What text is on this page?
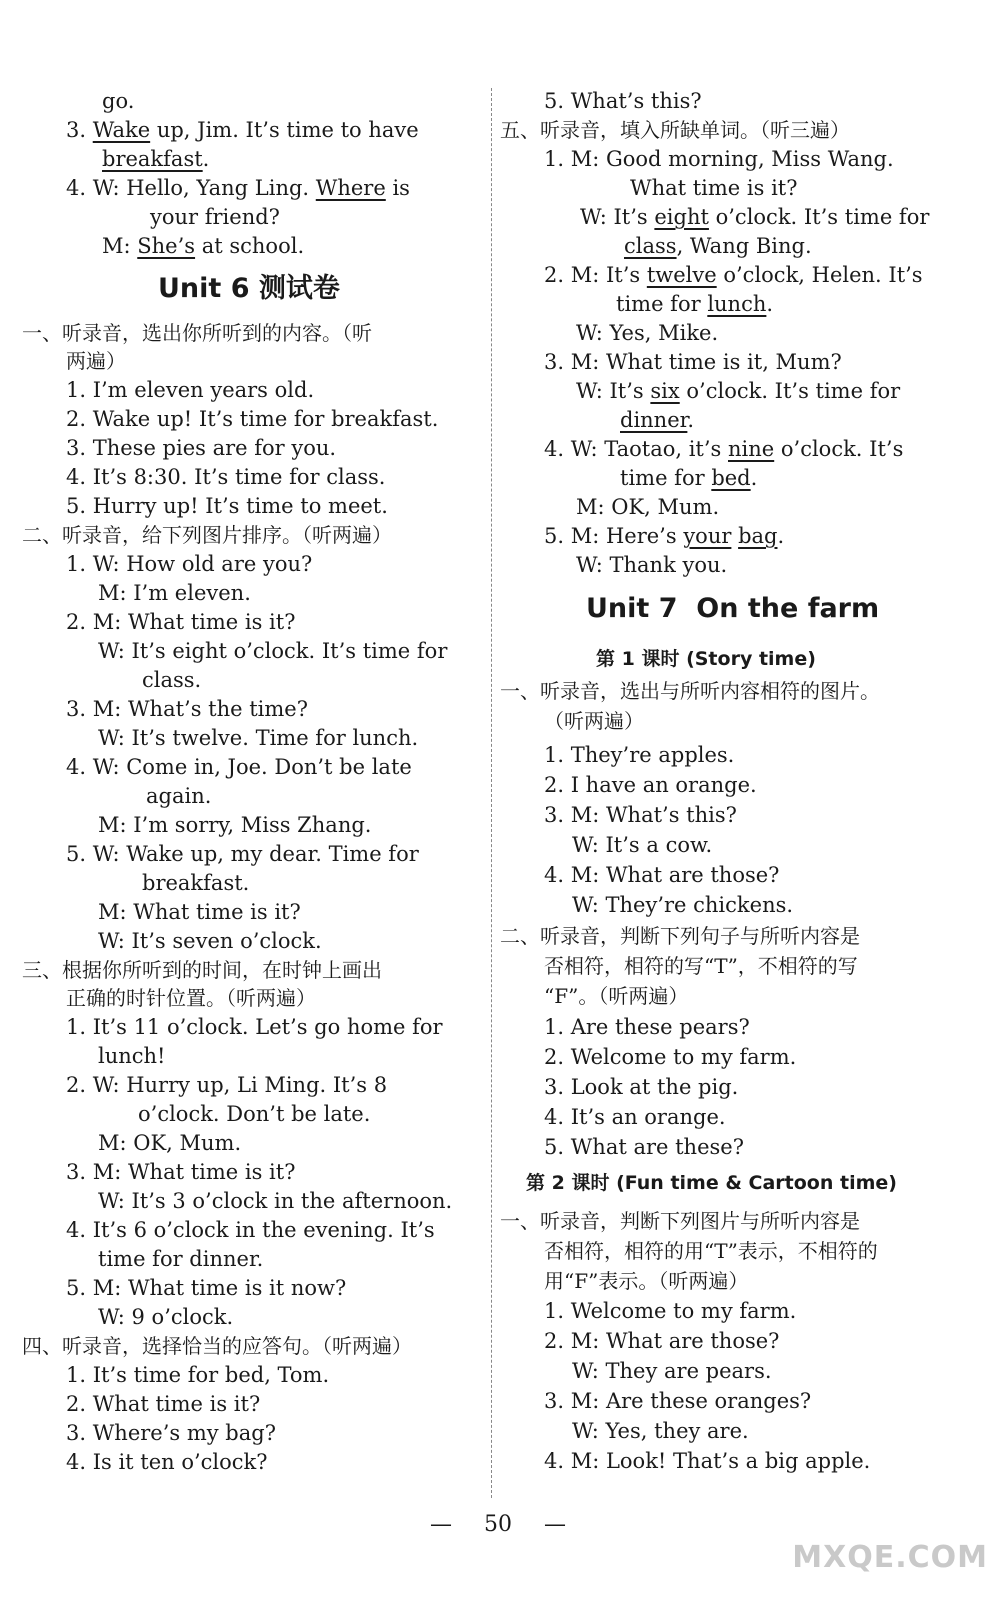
go.
3. Wake up, Jim. It’s time to have
breakfast.
4. W: Hello, Yang Ling. Where is
your friend?
M: She’s at school.
Unit 6 测试卷
一、听录音，选出你所听到的内容。（听
两遍）
1. I’m eleven years old.
2. Wake up! It’s time for breakfast.
3. These pies are for you.
4. It’s 8:30. It’s time for class.
5. Hurry up! It’s time to meet.
二、听录音，给下列图片排序。（听两遍）
1. W: How old are you?
M: I’m eleven.
2. M: What time is it?
W: It’s eight o’clock. It’s time for
class.
3. M: What’s the time?
W: It’s twelve. Time for lunch.
4. W: Come in, Joe. Don’t be late
again.
M: I’m sorry, Miss Zhang.
5. W: Wake up, my dear. Time for
breakfast.
M: What time is it?
W: It’s seven o’clock.
三、根据你所听到的时间，在时钟上画出
正确的时针位置。（听两遍）
1. It’s 11 o’clock. Let’s go home for
lunch!
2. W: Hurry up, Li Ming. It’s 8
o’clock. Don’t be late.
M: OK, Mum.
3. M: What time is it?
W: It’s 3 o’clock in the afternoon.
4. It’s 6 o’clock in the evening. It’s
time for dinner.
5. M: What time is it now?
W: 9 o’clock.
四、听录音，选择恰当的应答句。（听两遍）
1. It’s time for bed, Tom.
2. What time is it?
3. Where’s my bag?
4. Is it ten o’clock?
5. What’s this?
五、听录音，填入所缺单词。（听三遍）
1. M: Good morning, Miss Wang.
What time is it?
W: It’s eight o’clock. It’s time for
class, Wang Bing.
2. M: It’s twelve o’clock, Helen. It’s
time for lunch.
W: Yes, Mike.
3. M: What time is it, Mum?
W: It’s six o’clock. It’s time for
dinner.
4. W: Taotao, it’s nine o’clock. It’s
time for bed.
M: OK, Mum.
5. M: Here’s your bag.
W: Thank you.
Unit 7  On the farm
第 1 课时 (Story time)
一、听录音，选出与所听内容相符的图片。
（听两遍）
1. They’re apples.
2. I have an orange.
3. M: What’s this?
W: It’s a cow.
4. M: What are those?
W: They’re chickens.
二、听录音，判断下列句子与所听内容是
否相符，相符的写“T”，不相符的写
“F”。（听两遍）
1. Are these pears?
2. Welcome to my farm.
3. Look at the pig.
4. It’s an orange.
5. What are these?
第 2 课时 (Fun time & Cartoon time)
一、听录音，判断下列图片与所听内容是
否相符，相符的用“T”表示，不相符的
用“F”表示。（听两遍）
1. Welcome to my farm.
2. M: What are those?
W: They are pears.
3. M: Are these oranges?
W: Yes, they are.
4. M: Look! That’s a big apple.
— 50 —
MXQE.COM
